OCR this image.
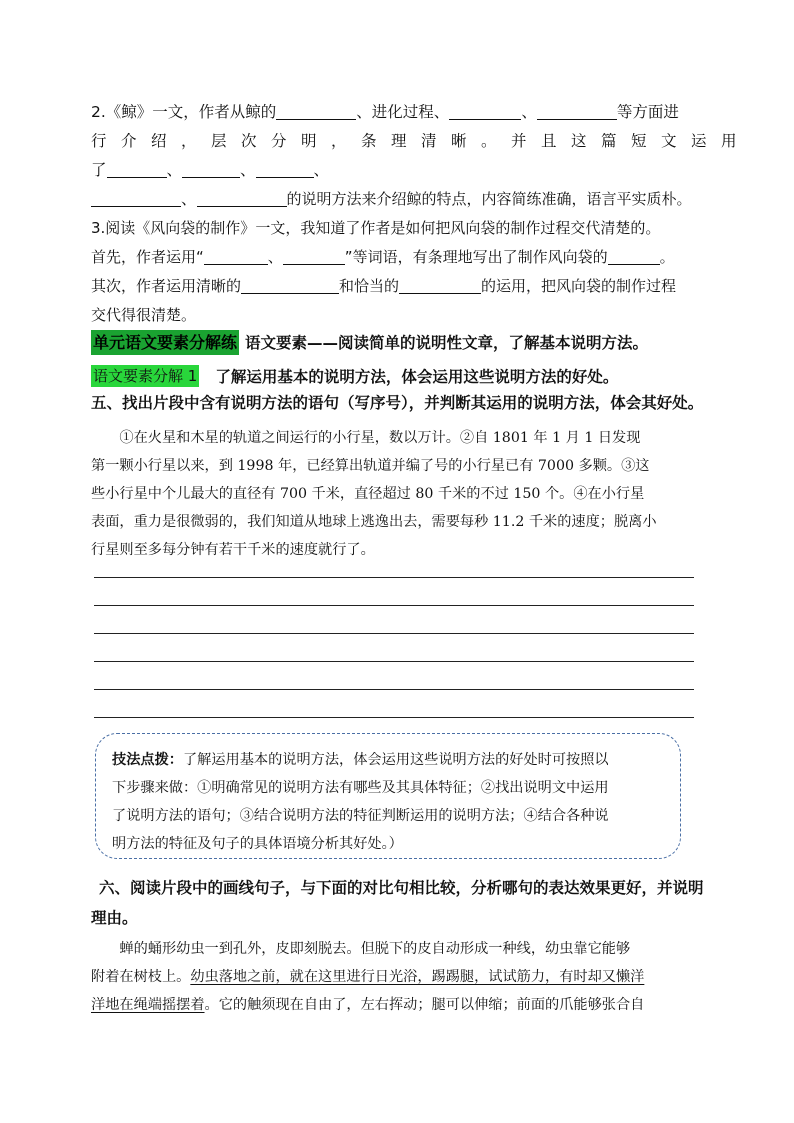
2.《鲸》一文，作者从鲸的	、进化过程、	、	等方面进
行介绍，层次分明，条理清晰。并且这篇短文运用
了	、	、	、
、	的说明方法来介绍鲸的特点，内容简练准确，语言平实质朴。
3.阅读《风向袋的制作》一文，我知道了作者是如何把风向袋的制作过程交代清楚的。
首先，作者运用“	、	”等词语，有条理地写出了制作风向袋的	。
其次，作者运用清晰的	和恰当的	的运用，把风向袋的制作过程
交代得很清楚。
单元语文要素分解练 语文要素——阅读简单的说明性文章，了解基本说明方法。
语文要素分解 1 了解运用基本的说明方法，体会运用这些说明方法的好处。
五、找出片段中含有说明方法的语句（写序号），并判断其运用的说明方法，体会其好处。

①在火星和木星的轨道之间运行的小行星，数以万计。②自 1801 年 1 月 1 日发现

第一颗小行星以来，到 1998 年，已经算出轨道并编了号的小行星已有 7000 多颗。③这

些小行星中个儿最大的直径有 700 千米，直径超过 80 千米的不过 150 个。④在小行星

表面，重力是很微弱的，我们知道从地球上逃逸出去，需要每秒 11.2 千米的速度；脱离小

行星则至多每分钟有若干千米的速度就行了。

技法点拨：了解运用基本的说明方法，体会运用这些说明方法的好处时可按照以
下步骤来做：①明确常见的说明方法有哪些及其具体特征；②找出说明文中运用
了说明方法的语句；③结合说明方法的特征判断运用的说明方法；④结合各种说
明方法的特征及句子的具体语境分析其好处。）
六、阅读片段中的画线句子，与下面的对比句相比较，分析哪句的表达效果更好，并说明理由。

蝉的蛹形幼虫一到孔外，皮即刻脱去。但脱下的皮自动形成一种线，幼虫靠它能够

附着在树枝上。幼虫落地之前，就在这里进行日光浴，踢踢腿，试试筋力，有时却又懒洋

洋地在绳端摇摆着。它的触须现在自由了，左右挥动；腿可以伸缩；前面的爪能够张合自
